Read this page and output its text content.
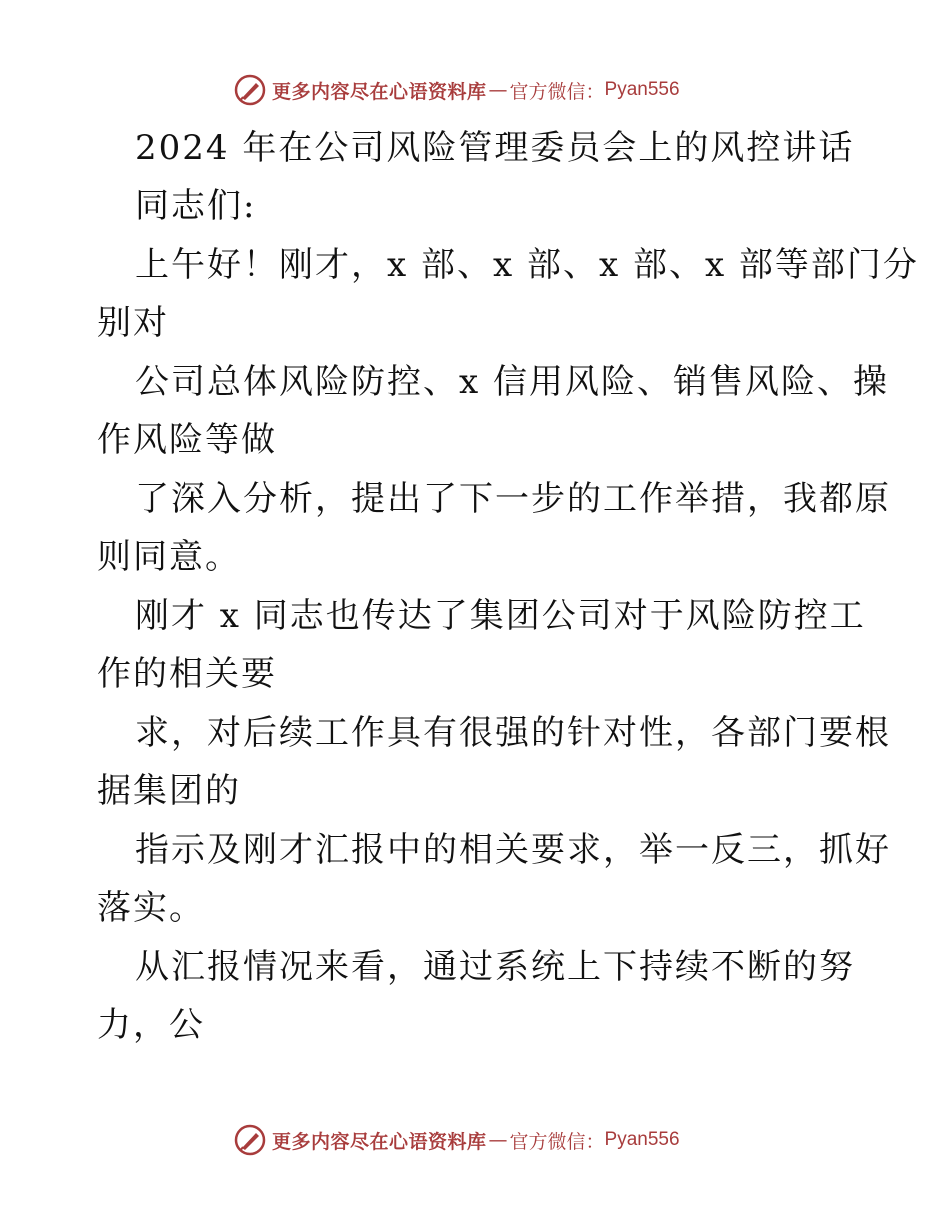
更多内容尽在心语资料库 — 官方微信： Pyan556
2024 年在公司风险管理委员会上的风控讲话
同志们:
上午好！刚才，x 部、x 部、x 部、x 部等部门分
别对
公司总体风险防控、x 信用风险、销售风险、操
作风险等做
了深入分析，提出了下一步的工作举措，我都原
则同意。
刚才 x 同志也传达了集团公司对于风险防控工
作的相关要
求，对后续工作具有很强的针对性，各部门要根
据集团的
指示及刚才汇报中的相关要求，举一反三，抓好
落实。
从汇报情况来看，通过系统上下持续不断的努
力，公
更多内容尽在心语资料库 — 官方微信： Pyan556
